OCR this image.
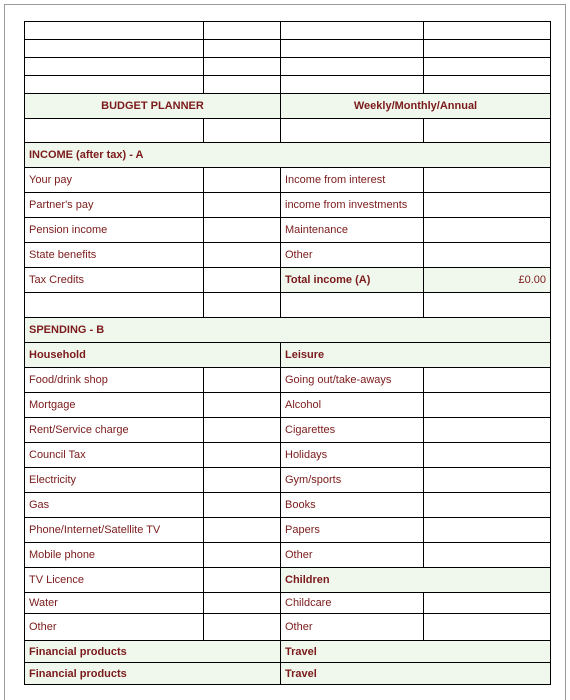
BUDGET PLANNER		Weekly/Monthly/Annual	

INCOME (after tax) - A			
Your pay		Income from interest	
Partner's pay		income from investments	
Pension income		Maintenance	
State benefits		Other	
Tax Credits		Total income (A)	£0.00

SPENDING - B			
Household		Leisure	
Food/drink shop		Going out/take-aways	
Mortgage		Alcohol	
Rent/Service charge		Cigarettes	
Council Tax		Holidays	
Electricity		Gym/sports	
Gas		Books	
Phone/Internet/Satellite TV		Papers	
Mobile phone		Other	
TV Licence		Children	
Water		Childcare	
Other		Other	
Financial products		Travel	
Financial products		Travel	
